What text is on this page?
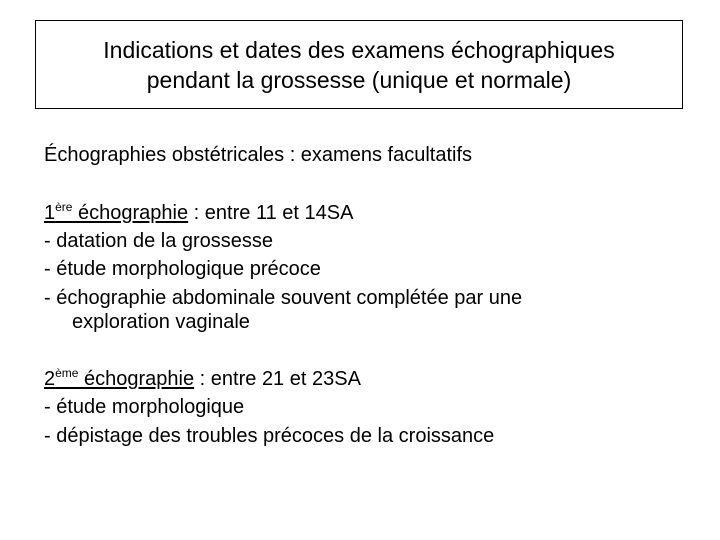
Indications et dates des examens échographiques
pendant la grossesse (unique et normale)
Échographies obstétricales : examens facultatifs
1ère échographie : entre 11 et 14SA
- datation de la grossesse
- étude morphologique précoce
- échographie abdominale souvent complétée par une
exploration vaginale
2ème échographie : entre 21 et 23SA
- étude morphologique
- dépistage des troubles précoces de la croissance
